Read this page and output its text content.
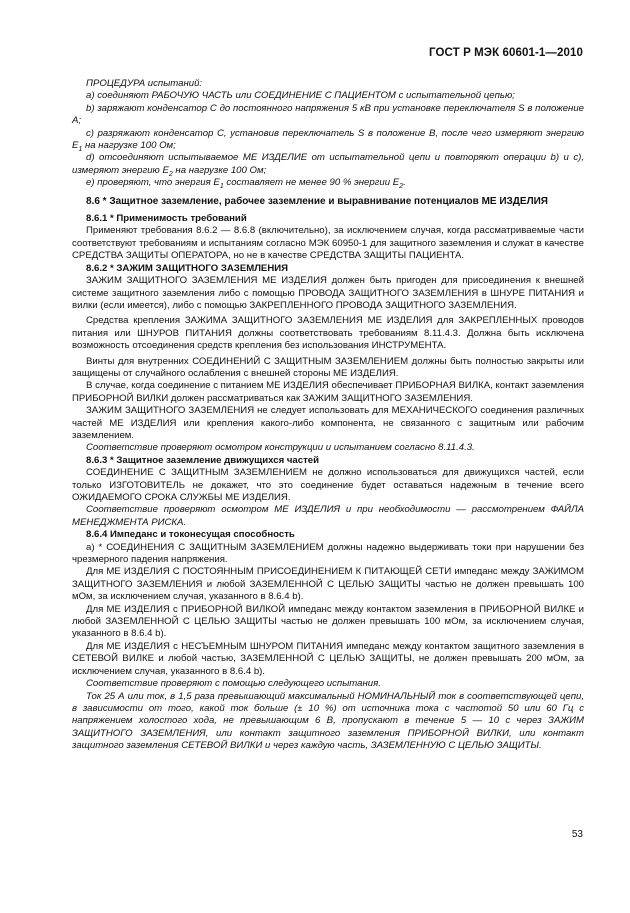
ГОСТ Р МЭК 60601-1—2010

ПРОЦЕДУРА испытаний:

а) соединяют РАБОЧУЮ ЧАСТЬ или СОЕДИНЕНИЕ С ПАЦИЕНТОМ с испытательной цепью;

b) заряжают конденсатор С до постоянного напряжения 5 кВ при установке переключателя S в положение А;

с) разряжают конденсатор С, установив переключатель S в положение В, после чего измеряют энергию $E_1$ на нагрузке 100 Ом;

d) отсоединяют испытываемое МЕ ИЗДЕЛИЕ от испытательной цепи и повторяют операции b) и с), измеряют энергию $E_2$ на нагрузке 100 Ом;

е) проверяют, что энергия $E_1$ составляет не менее 90 % энергии $E_2$.

8.6 * Защитное заземление, рабочее заземление и выравнивание потенциалов МЕ ИЗДЕЛИЯ

8.6.1 * Применимость требований

Применяют требования 8.6.2 — 8.6.8 (включительно), за исключением случая, когда рассматриваемые части соответствуют требованиям и испытаниям согласно МЭК 60950-1 для защитного заземления и служат в качестве СРЕДСТВА ЗАЩИТЫ ОПЕРАТОРА, но не в качестве СРЕДСТВА ЗАЩИТЫ ПАЦИЕНТА.

8.6.2 * ЗАЖИМ ЗАЩИТНОГО ЗАЗЕМЛЕНИЯ

ЗАЖИМ ЗАЩИТНОГО ЗАЗЕМЛЕНИЯ МЕ ИЗДЕЛИЯ должен быть пригоден для присоединения к внешней системе защитного заземления либо с помощью ПРОВОДА ЗАЩИТНОГО ЗАЗЕМЛЕНИЯ в ШНУРЕ ПИТАНИЯ и вилки (если имеется), либо с помощью ЗАКРЕПЛЕННОГО ПРОВОДА ЗАЩИТНОГО ЗАЗЕМЛЕНИЯ.

Средства крепления ЗАЖИМА ЗАЩИТНОГО ЗАЗЕМЛЕНИЯ МЕ ИЗДЕЛИЯ для ЗАКРЕПЛЕННЫХ проводов питания или ШНУРОВ ПИТАНИЯ должны соответствовать требованиям 8.11.4.3. Должна быть исключена возможность отсоединения средств крепления без использования ИНСТРУМЕНТА.

Винты для внутренних СОЕДИНЕНИЙ С ЗАЩИТНЫМ ЗАЗЕМЛЕНИЕМ должны быть полностью закрыты или защищены от случайного ослабления с внешней стороны МЕ ИЗДЕЛИЯ.

В случае, когда соединение с питанием МЕ ИЗДЕЛИЯ обеспечивает ПРИБОРНАЯ ВИЛКА, контакт заземления ПРИБОРНОЙ ВИЛКИ должен рассматриваться как ЗАЖИМ ЗАЩИТНОГО ЗАЗЕМЛЕНИЯ.

ЗАЖИМ ЗАЩИТНОГО ЗАЗЕМЛЕНИЯ не следует использовать для МЕХАНИЧЕСКОГО соединения различных частей МЕ ИЗДЕЛИЯ или крепления какого-либо компонента, не связанного с защитным или рабочим заземлением.

Соответствие проверяют осмотром конструкции и испытанием согласно 8.11.4.3.

8.6.3 * Защитное заземление движущихся частей

СОЕДИНЕНИЕ С ЗАЩИТНЫМ ЗАЗЕМЛЕНИЕМ не должно использоваться для движущихся частей, если только ИЗГОТОВИТЕЛЬ не докажет, что это соединение будет оставаться надежным в течение всего ОЖИДАЕМОГО СРОКА СЛУЖБЫ МЕ ИЗДЕЛИЯ.

Соответствие проверяют осмотром МЕ ИЗДЕЛИЯ и при необходимости — рассмотрением ФАЙЛА МЕНЕДЖМЕНТА РИСКА.

8.6.4 Импеданс и токонесущая способность

а) * СОЕДИНЕНИЯ С ЗАЩИТНЫМ ЗАЗЕМЛЕНИЕМ должны надежно выдерживать токи при нарушении без чрезмерного падения напряжения.

Для МЕ ИЗДЕЛИЯ С ПОСТОЯННЫМ ПРИСОЕДИНЕНИЕМ К ПИТАЮЩЕЙ СЕТИ импеданс между ЗАЖИМОМ ЗАЩИТНОГО ЗАЗЕМЛЕНИЯ и любой ЗАЗЕМЛЕННОЙ С ЦЕЛЬЮ ЗАЩИТЫ частью не должен превышать 100 мОм, за исключением случая, указанного в 8.6.4 b).

Для МЕ ИЗДЕЛИЯ с ПРИБОРНОЙ ВИЛКОЙ импеданс между контактом заземления в ПРИБОРНОЙ ВИЛКЕ и любой ЗАЗЕМЛЕННОЙ С ЦЕЛЬЮ ЗАЩИТЫ частью не должен превышать 100 мОм, за исключением случая, указанного в 8.6.4 b).

Для МЕ ИЗДЕЛИЯ с НЕСЪЕМНЫМ ШНУРОМ ПИТАНИЯ импеданс между контактом защитного заземления в СЕТЕВОЙ ВИЛКЕ и любой частью, ЗАЗЕМЛЕННОЙ С ЦЕЛЬЮ ЗАЩИТЫ, не должен превышать 200 мОм, за исключением случая, указанного в 8.6.4 b).

Соответствие проверяют с помощью следующего испытания.

Ток 25 А или ток, в 1,5 раза превышающий максимальный НОМИНАЛЬНЫЙ ток в соответствующей цепи, в зависимости от того, какой ток больше (± 10 %) от источника тока с частотой 50 или 60 Гц с напряжением холостого хода, не превышающим 6 В, пропускают в течение 5 — 10 с через ЗАЖИМ ЗАЩИТНОГО ЗАЗЕМЛЕНИЯ, или контакт защитного заземления ПРИБОРНОЙ ВИЛКИ, или контакт защитного заземления СЕТЕВОЙ ВИЛКИ и через каждую часть, ЗАЗЕМЛЕННУЮ С ЦЕЛЬЮ ЗАЩИТЫ.

53
